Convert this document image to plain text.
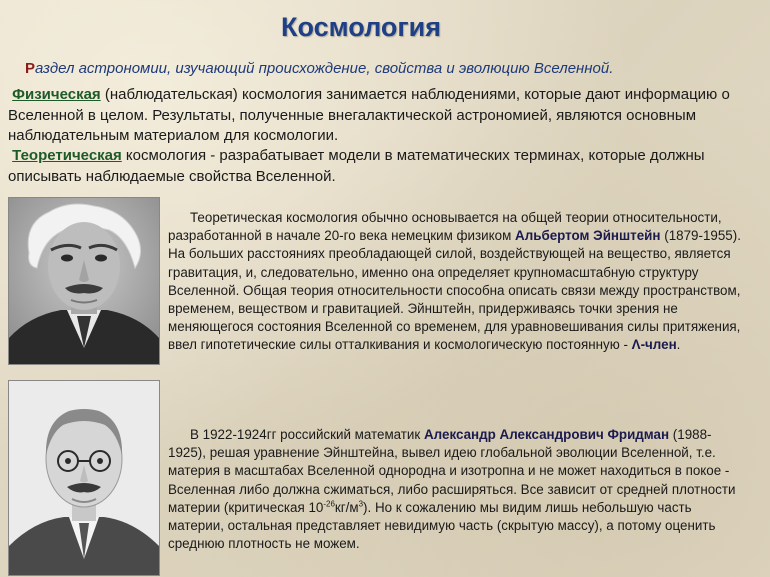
Космология
Раздел астрономии, изучающий происхождение, свойства и эволюцию Вселенной.
Физическая (наблюдательская) космология занимается наблюдениями, которые дают информацию о Вселенной в целом. Результаты, полученные внегалактической астрономией, являются основным наблюдательным материалом для космологии.
Теоретическая космология - разрабатывает модели в математических терминах, которые должны описывать наблюдаемые свойства Вселенной.
Теоретическая космология обычно основывается на общей теории относительности, разработанной в начале 20-го века немецким физиком Альбертом Эйнштейн (1879-1955). На больших расстояниях преобладающей силой, воздействующей на вещество, является гравитация, и, следовательно, именно она определяет крупномасштабную структуру Вселенной. Общая теория относительности способна описать связи между пространством, временем, веществом и гравитацией. Эйнштейн, придерживаясь точки зрения не меняющегося состояния Вселенной со временем, для уравновешивания силы притяжения, ввел гипотетические силы отталкивания и космологическую постоянную - Λ-член.
В 1922-1924гг российский математик Александр Александрович Фридман (1988-1925), решая уравнение Эйнштейна, вывел идею глобальной эволюции Вселенной, т.е. материя в масштабах Вселенной однородна и изотропна и не может находиться в покое - Вселенная либо должна сжиматься, либо расширяться. Все зависит от средней плотности материи (критическая $10^{-26}кг/м^3$). Но к сожалению мы видим лишь небольшую часть материи, остальная представляет невидимую часть (скрытую массу), а потому оценить среднюю плотность не можем.
